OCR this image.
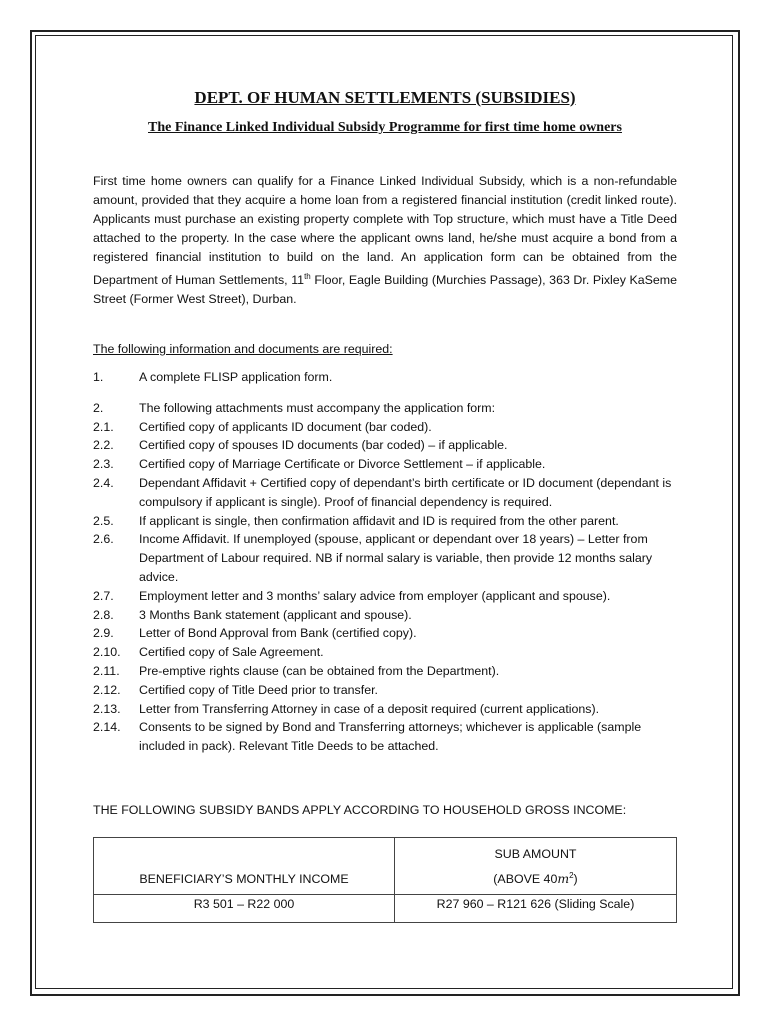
DEPT. OF HUMAN SETTLEMENTS (SUBSIDIES)
The Finance Linked Individual Subsidy Programme for first time home owners
First time home owners can qualify for a Finance Linked Individual Subsidy, which is a non-refundable amount, provided that they acquire a home loan from a registered financial institution (credit linked route). Applicants must purchase an existing property complete with Top structure, which must have a Title Deed attached to the property. In the case where the applicant owns land, he/she must acquire a bond from a registered financial institution to build on the land. An application form can be obtained from the Department of Human Settlements, 11th Floor, Eagle Building (Murchies Passage), 363 Dr. Pixley KaSeme Street (Former West Street), Durban.
The following information and documents are required:
1.	A complete FLISP application form.
2.	The following attachments must accompany the application form:
2.1.	Certified copy of applicants ID document (bar coded).
2.2.	Certified copy of spouses ID documents (bar coded) – if applicable.
2.3.	Certified copy of Marriage Certificate or Divorce Settlement – if applicable.
2.4.	Dependant Affidavit + Certified copy of dependant’s birth certificate or ID document (dependant is compulsory if applicant is single). Proof of financial dependency is required.
2.5.	If applicant is single, then confirmation affidavit and ID is required from the other parent.
2.6.	Income Affidavit. If unemployed (spouse, applicant or dependant over 18 years) – Letter from Department of Labour required. NB if normal salary is variable, then provide 12 months salary advice.
2.7.	Employment letter and 3 months’ salary advice from employer (applicant and spouse).
2.8.	3 Months Bank statement (applicant and spouse).
2.9.	Letter of Bond Approval from Bank (certified copy).
2.10.	Certified copy of Sale Agreement.
2.11.	Pre-emptive rights clause (can be obtained from the Department).
2.12.	Certified copy of Title Deed prior to transfer.
2.13.	Letter from Transferring Attorney in case of a deposit required (current applications).
2.14.	Consents to be signed by Bond and Transferring attorneys; whichever is applicable (sample included in pack). Relevant Title Deeds to be attached.
THE FOLLOWING SUBSIDY BANDS APPLY ACCORDING TO HOUSEHOLD GROSS INCOME:
BENEFICIARY’S MONTHLY INCOME	SUB AMOUNT
(ABOVE $40m^2$)

R3 501 – R22 000	R27 960 – R121 626 (Sliding Scale)
